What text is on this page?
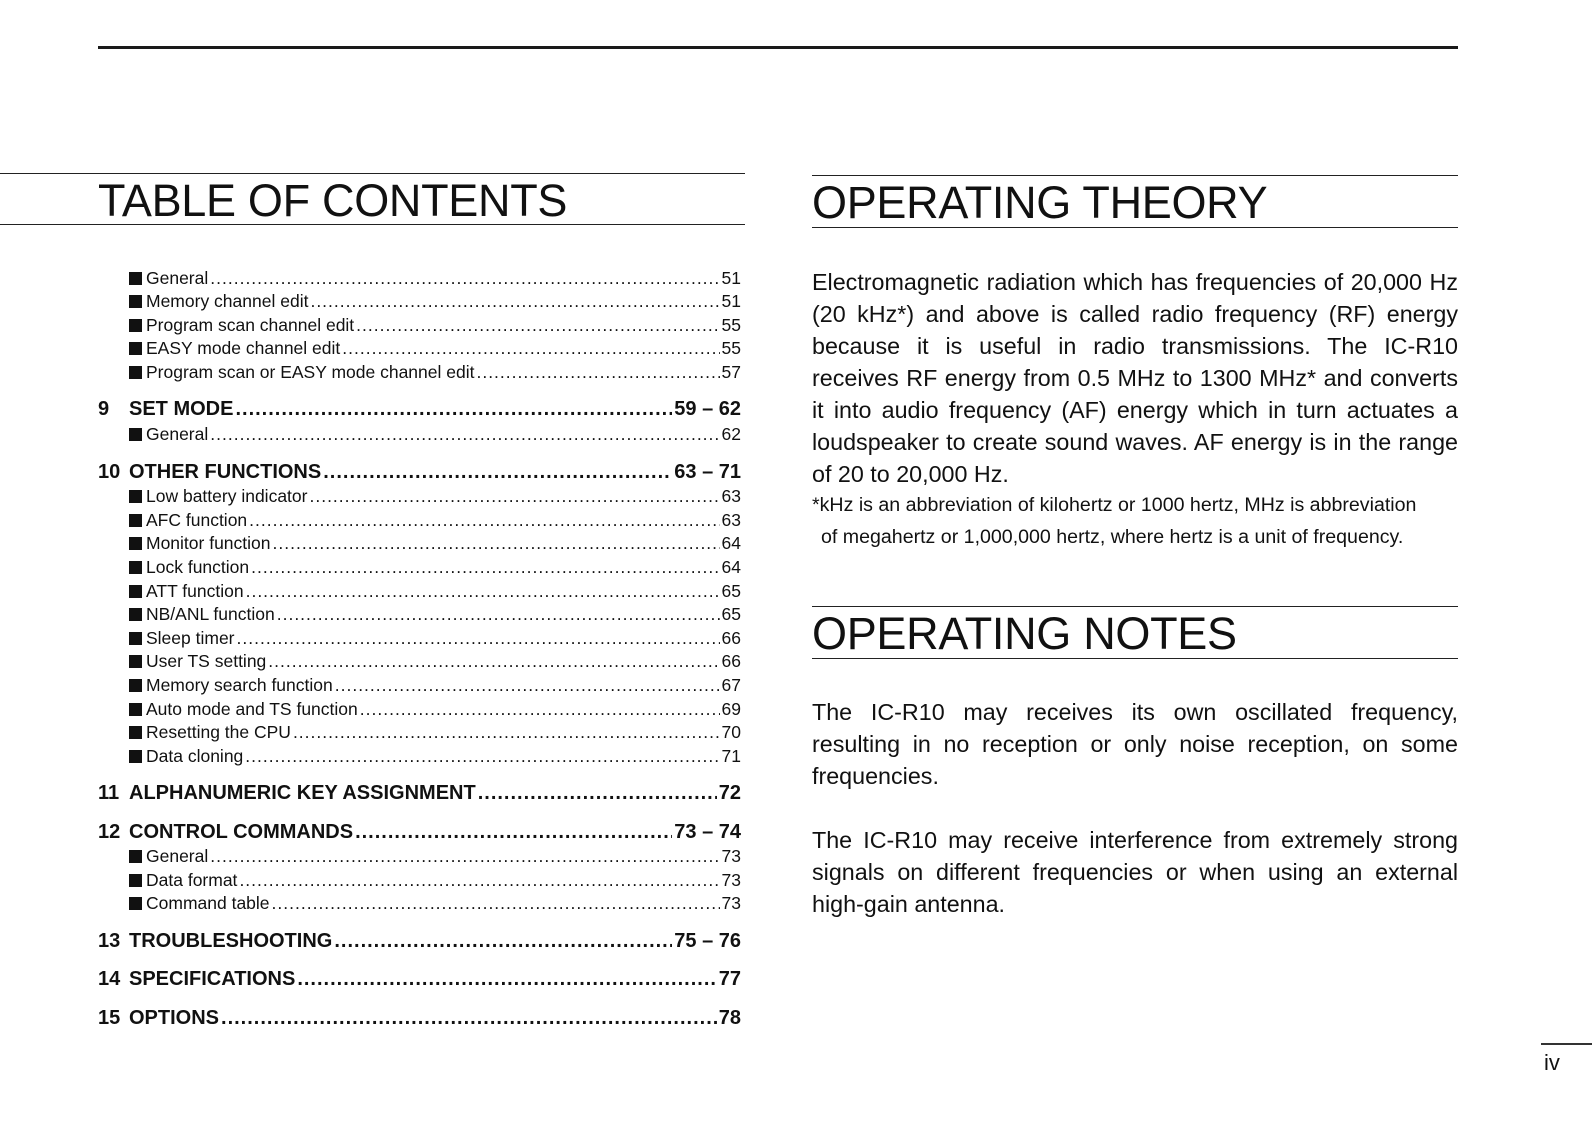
TABLE OF CONTENTS
General .....	51
Memory channel edit .....	51
Program scan channel edit .....	55
EASY mode channel edit .....	55
Program scan or EASY mode channel edit .....	57
9 SET MODE .....	59 – 62
General .....	62
10 OTHER FUNCTIONS .....	63 – 71
Low battery indicator .....	63
AFC function .....	63
Monitor function .....	64
Lock function .....	64
ATT function .....	65
NB/ANL function .....	65
Sleep timer .....	66
User TS setting .....	66
Memory search function .....	67
Auto mode and TS function .....	69
Resetting the CPU .....	70
Data cloning .....	71
11 ALPHANUMERIC KEY ASSIGNMENT .....	72
12 CONTROL COMMANDS .....	73 – 74
General .....	73
Data format .....	73
Command table .....	73
13 TROUBLESHOOTING .....	75 – 76
14 SPECIFICATIONS .....	77
15 OPTIONS .....	78
OPERATING THEORY

Electromagnetic radiation which has frequencies of 20,000 Hz (20 kHz*) and above is called radio frequency (RF) energy because it is useful in radio transmissions. The IC-R10 receives RF energy from 0.5 MHz to 1300 MHz* and converts it into audio frequency (AF) energy which in turn actuates a loudspeaker to create sound waves. AF energy is in the range of 20 to 20,000 Hz.

*kHz is an abbreviation of kilohertz or 1000 hertz, MHz is abbreviation
of megahertz or 1,000,000 hertz, where hertz is a unit of frequency.

OPERATING NOTES

The IC-R10 may receives its own oscillated frequency, resulting in no reception or only noise reception, on some frequencies.

The IC-R10 may receive interference from extremely strong signals on different frequencies or when using an external high-gain antenna.

iv
